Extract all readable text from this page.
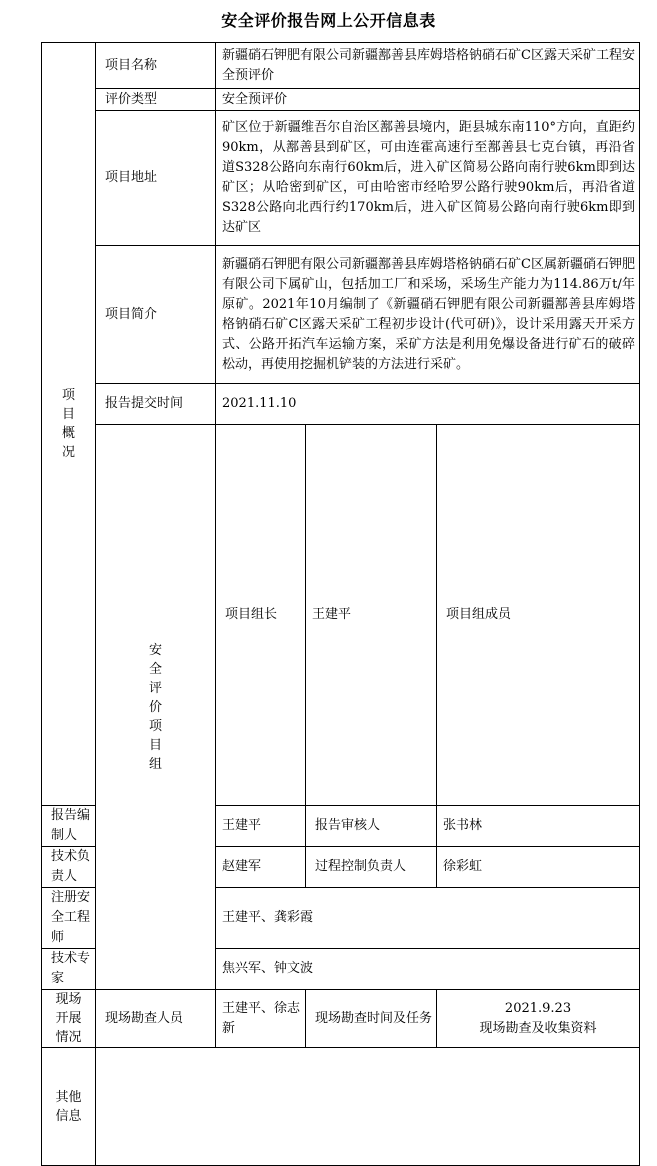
安全评价报告网上公开信息表
项目概况	项目名称	新疆硝石钾肥有限公司新疆鄯善县库姆塔格钠硝石矿C区露天采矿工程安全预评价			
	评价类型	安全预评价			
	项目地址	矿区位于新疆维吾尔自治区鄯善县境内，距县城东南110°方向，直距约90km，从鄯善县到矿区，可由连霍高速行至鄯善县七克台镇，再沿省道S328公路向东南行60km后，进入矿区简易公路向南行驶6km即到达矿区；从哈密到矿区，可由哈密市经哈罗公路行驶90km后，再沿省道S328公路向北西行约170km后，进入矿区简易公路向南行驶6km即到达矿区			
	项目简介	新疆硝石钾肥有限公司新疆鄯善县库姆塔格钠硝石矿C区属新疆硝石钾肥有限公司下属矿山，包括加工厂和采场，采场生产能力为114.86万t/年原矿。2021年10月编制了《新疆硝石钾肥有限公司新疆鄯善县库姆塔格钠硝石矿C区露天采矿工程初步设计(代可研)》，设计采用露天开采方式、公路开拓汽车运输方案，采矿方法是利用免爆设备进行矿石的破碎松动，再使用挖掘机铲装的方法进行采矿。			
	报告提交时间	2021.11.10			

	安全评价项目组	项目组长	王建平	项目组成员	
报告编制人		王建平	报告审核人	张书林	
技术负责人		赵建军	过程控制负责人	徐彩虹	
注册安全工程师		王建平、龚彩霞			
技术专家		焦兴军、钟文波			

现场开展情况	现场勘查人员	王建平、徐志新	现场勘查时间及任务	2021.9.23
现场勘查及收集资料	

其他信息					
